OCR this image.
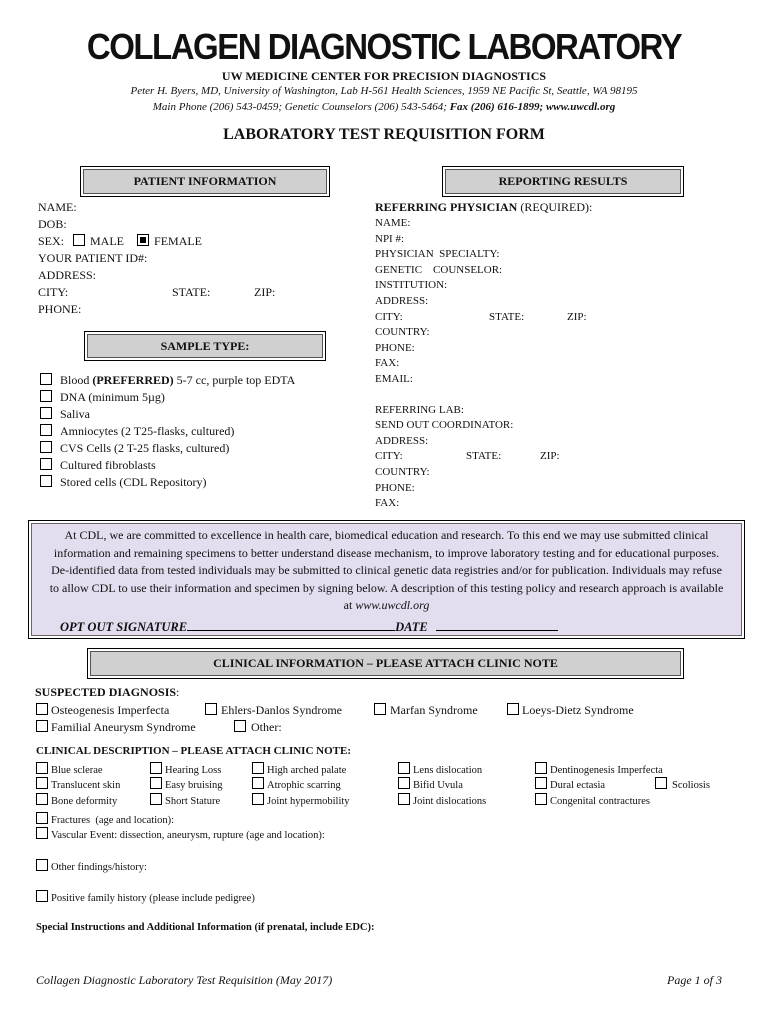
COLLAGEN DIAGNOSTIC LABORATORY
UW MEDICINE CENTER FOR PRECISION DIAGNOSTICS
Peter H. Byers, MD, University of Washington, Lab H-561 Health Sciences, 1959 NE Pacific St, Seattle, WA 98195
Main Phone (206) 543-0459; Genetic Counselors (206) 543-5464; Fax (206) 616-1899; www.uwcdl.org
LABORATORY TEST REQUISITION FORM
PATIENT INFORMATION
NAME:
DOB:
SEX: MALE	FEMALE
YOUR PATIENT ID#:
ADDRESS:
CITY:	STATE:	ZIP:
PHONE:
SAMPLE TYPE:
Blood (PREFERRED) 5-7 cc, purple top EDTA
DNA (minimum 5µg)
Saliva
Amniocytes (2 T25-flasks, cultured)
CVS Cells (2 T-25 flasks, cultured)
Cultured fibroblasts
Stored cells (CDL Repository)
REPORTING RESULTS
REFERRING PHYSICIAN (REQUIRED):
NAME:
NPI #:
PHYSICIAN  SPECIALTY:
GENETIC    COUNSELOR:
INSTITUTION:
ADDRESS:
CITY:	STATE:	ZIP:
COUNTRY:
PHONE:
FAX:
EMAIL:
REFERRING LAB:
SEND OUT COORDINATOR:
ADDRESS:
CITY:	STATE:	ZIP:
COUNTRY:
PHONE:
FAX:

At CDL, we are committed to excellence in health care, biomedical education and research. To this end we may use submitted clinical information and remaining specimens to better understand disease mechanism, to improve laboratory testing and for educational purposes. De-identified data from tested individuals may be submitted to clinical genetic data registries and/or for publication. Individuals may refuse to allow CDL to use their information and specimen by signing below. A description of this testing policy and research approach is available at www.uwcdl.org

OPT OUT SIGNATURE	DATE
CLINICAL INFORMATION – PLEASE ATTACH CLINIC NOTE
SUSPECTED DIAGNOSIS:
Osteogenesis Imperfecta	Ehlers-Danlos Syndrome	Marfan Syndrome	Loeys-Dietz Syndrome
Familial Aneurysm Syndrome	Other:
CLINICAL DESCRIPTION – PLEASE ATTACH CLINIC NOTE:
Blue sclerae	Hearing Loss	High arched palate	Lens dislocation	Dentinogenesis Imperfecta
Translucent skin	Easy bruising	Atrophic scarring	Bifid Uvula	Dural ectasia	Scoliosis
Bone deformity	Short Stature	Joint hypermobility	Joint dislocations	Congenital contractures
Fractures  (age and location):
Vascular Event: dissection, aneurysm, rupture (age and location):
Other findings/history:
Positive family history (please include pedigree)
Special Instructions and Additional Information (if prenatal, include EDC):
Collagen Diagnostic Laboratory Test Requisition (May 2017)	Page 1 of 3
